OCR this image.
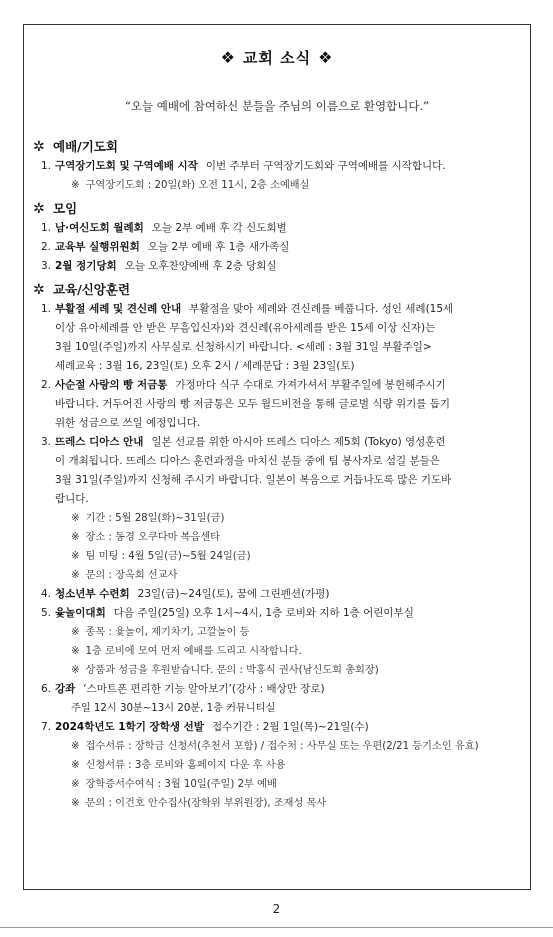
❖ 교회 소식 ❖
“오늘 예배에 참여하신 분들을 주님의 이름으로 환영합니다.”
✲ 예배/기도회
1. 구역장기도회 및 구역예배 시작 이번 주부터 구역장기도회와 구역예배를 시작합니다.
※ 구역장기도회 : 20일(화) 오전 11시, 2층 소예배실
✲ 모임
1. 남·여신도회 월례회 오늘 2부 예배 후 각 신도회별
2. 교육부 실행위원회 오늘 2부 예배 후 1층 새가족실
3. 2월 정기당회 오늘 오후찬양예배 후 2층 당회실
✲ 교육/신앙훈련
1. 부활절 세례 및 견신례 안내 부활절을 맞아 세례와 견신례를 베풉니다. 성인 세례(15세
이상 유아세례를 안 받은 무흠입신자)와 견신례(유아세례를 받은 15세 이상 신자)는
3월 10일(주일)까지 사무실로 신청하시기 바랍니다. <세례 : 3월 31일 부활주일>
세례교육 : 3월 16, 23일(토) 오후 2시 / 세례문답 : 3월 23일(토)
2. 사순절 사랑의 빵 저금통 가정마다 식구 수대로 가져가셔서 부활주일에 봉헌해주시기
바랍니다. 거두어진 사랑의 빵 저금통은 모두 월드비전을 통해 글로벌 식량 위기를 돕기
위한 성금으로 쓰일 예정입니다.
3. 뜨레스 디아스 안내 일본 선교를 위한 아시아 뜨레스 디아스 제5회 (Tokyo) 영성훈련
이 개최됩니다. 뜨레스 디아스 훈련과정을 마치신 분들 중에 팀 봉사자로 섬길 분들은
3월 31일(주일)까지 신청해 주시기 바랍니다. 일본이 복음으로 거듭나도록 많은 기도바
랍니다.
※ 기간 : 5월 28일(화)~31일(금)
※ 장소 : 동경 오쿠다마 복음센타
※ 팀 미팅 : 4월 5일(금)~5월 24일(금)
※ 문의 : 장옥희 선교사
4. 청소년부 수련회 23일(금)~24일(토), 꿈에 그린펜션(가평)
5. 윷놀이대회 다음 주일(25일) 오후 1시~4시, 1층 로비와 지하 1층 어린이부실
※ 종목 : 윷놀이, 제기차기, 고깔놀이 등
※ 1층 로비에 모여 먼저 예배를 드리고 시작합니다.
※ 상품과 성금을 후원받습니다. 문의 : 박홍식 권사(남신도회 총회장)
6. 강좌 ‘스마트폰 편리한 기능 알아보기’(강사 : 배상만 장로)
주일 12시 30분~13시 20분, 1층 커뮤니티실
7. 2024학년도 1학기 장학생 선발 접수기간 : 2월 1일(목)~21일(수)
※ 접수서류 : 장학금 신청서(추천서 포함) / 접수처 : 사무실 또는 우편(2/21 등기소인 유효)
※ 신청서류 : 3층 로비와 홈페이지 다운 후 사용
※ 장학증서수여식 : 3월 10일(주일) 2부 예배
※ 문의 : 이건호 안수집사(장학위 부위원장), 조재성 목사
2
